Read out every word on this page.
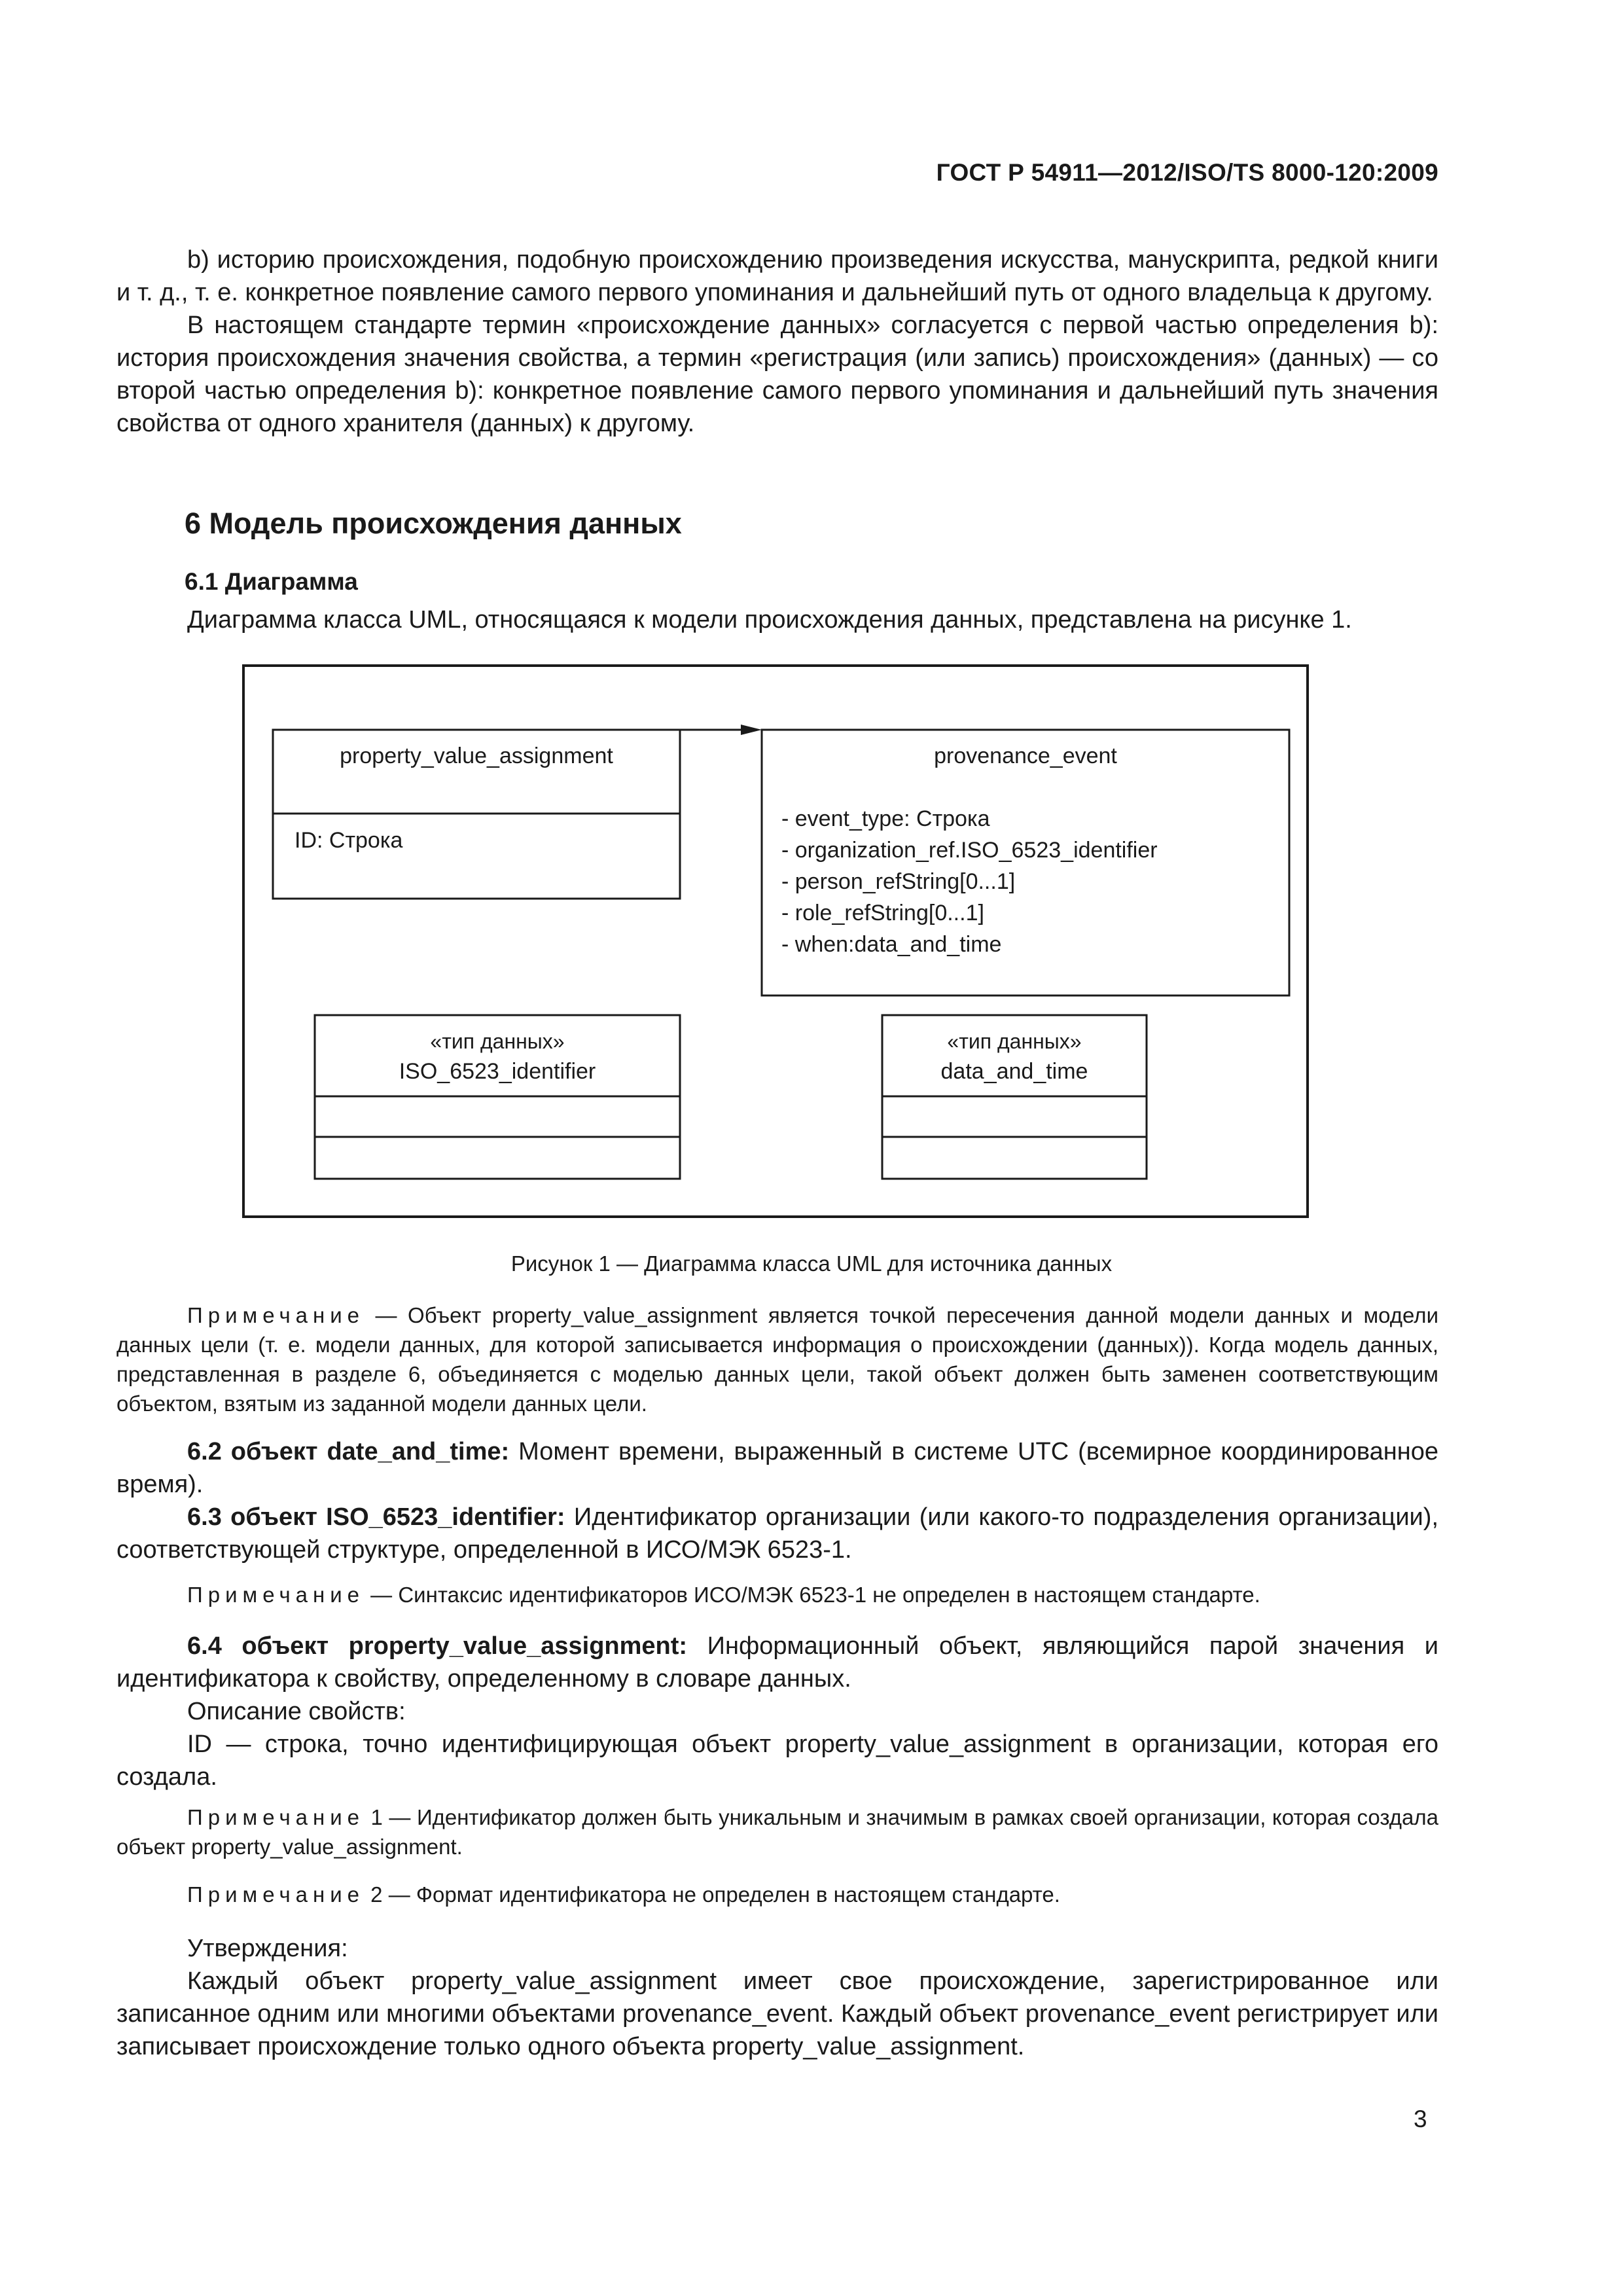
ГОСТ Р 54911—2012/ISO/TS 8000-120:2009

b) историю происхождения, подобную происхождению произведения искусства, манускрипта, редкой книги и т. д., т. е. конкретное появление самого первого упоминания и дальнейший путь от одного владельца к другому.

В настоящем стандарте термин «происхождение данных» согласуется с первой частью определения b): история происхождения значения свойства, а термин «регистрация (или запись) происхождения» (данных) — со второй частью определения b): конкретное появление самого первого упоминания и дальнейший путь значения свойства от одного хранителя (данных) к другому.

6 Модель происхождения данных
6.1 Диаграмма

Диаграмма класса UML, относящаяся к модели происхождения данных, представлена на рисунке 1.

property_value_assignment
ID: Строка
provenance_event
- event_type: Строка
- organization_ref.ISO_6523_identifier
- person_refString[0...1]
- role_refString[0...1]
- when:data_and_time
«тип данных»
ISO_6523_identifier
«тип данных»
data_and_time
Рисунок 1 — Диаграмма класса UML для источника данных

Примечание — Объект property_value_assignment является точкой пересечения данной модели данных и модели данных цели (т. е. модели данных, для которой записывается информация о происхождении (данных)). Когда модель данных, представленная в разделе 6, объединяется с моделью данных цели, такой объект должен быть заменен соответствующим объектом, взятым из заданной модели данных цели.

6.2 объект date_and_time: Момент времени, выраженный в системе UTC (всемирное координированное время).

6.3 объект ISO_6523_identifier: Идентификатор организации (или какого-то подразделения организации), соответствующей структуре, определенной в ИСО/МЭК 6523-1.

Примечание — Синтаксис идентификаторов ИСО/МЭК 6523-1 не определен в настоящем стандарте.

6.4 объект property_value_assignment: Информационный объект, являющийся парой значения и идентификатора к свойству, определенному в словаре данных.

Описание свойств:

ID — строка, точно идентифицирующая объект property_value_assignment в организации, которая его создала.

Примечание 1 — Идентификатор должен быть уникальным и значимым в рамках своей организации, которая создала объект property_value_assignment.

Примечание 2 — Формат идентификатора не определен в настоящем стандарте.

Утверждения:

Каждый объект property_value_assignment имеет свое происхождение, зарегистрированное или записанное одним или многими объектами provenance_event. Каждый объект provenance_event регистрирует или записывает происхождение только одного объекта property_value_assignment.

3
